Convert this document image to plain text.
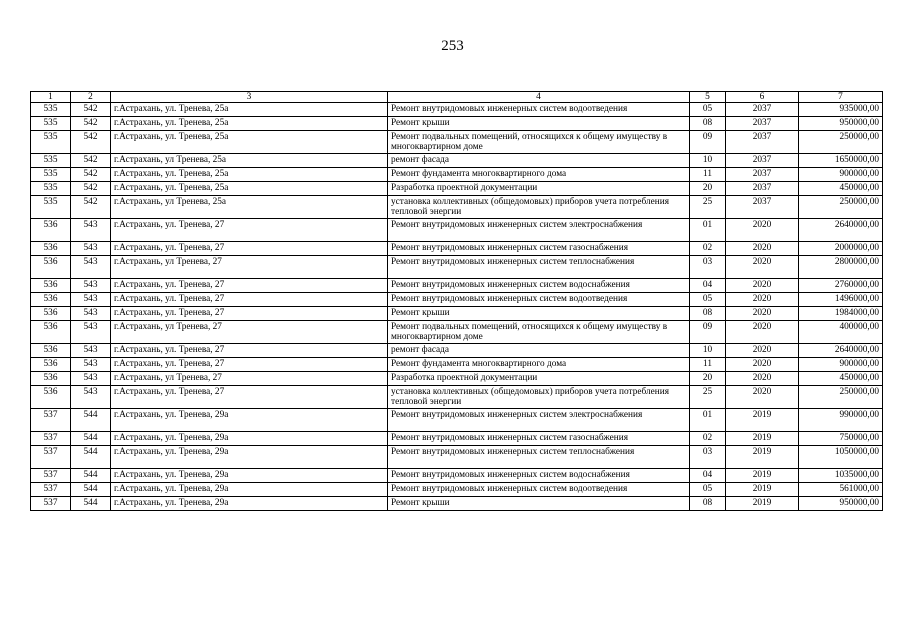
253
1	2	3	4	5	6	7
535	542	г.Астрахань, ул. Тренева, 25а	Ремонт внутридомовых инженерных систем водоотведения	05	2037	935000,00
535	542	г.Астрахань, ул. Тренева, 25а	Ремонт крыши	08	2037	950000,00
535	542	г.Астрахань, ул. Тренева, 25а	Ремонт подвальных помещений, относящихся к общему имуществу в многоквартирном доме	09	2037	250000,00
535	542	г.Астрахань, ул Тренева, 25а	ремонт фасада	10	2037	1650000,00
535	542	г.Астрахань, ул. Тренева, 25а	Ремонт фундамента многоквартирного дома	11	2037	900000,00
535	542	г.Астрахань, ул. Тренева, 25а	Разработка проектной документации	20	2037	450000,00
535	542	г.Астрахань, ул Тренева, 25а	установка коллективных (общедомовых) приборов учета потребления тепловой энергии	25	2037	250000,00
536	543	г.Астрахань, ул. Тренева, 27	Ремонт внутридомовых инженерных систем электроснабжения	01	2020	2640000,00
536	543	г.Астрахань, ул. Тренева, 27	Ремонт внутридомовых инженерных систем газоснабжения	02	2020	2000000,00
536	543	г.Астрахань, ул Тренева, 27	Ремонт внутридомовых инженерных систем теплоснабжения	03	2020	2800000,00
536	543	г.Астрахань, ул. Тренева, 27	Ремонт внутридомовых инженерных систем водоснабжения	04	2020	2760000,00
536	543	г.Астрахань, ул. Тренева, 27	Ремонт внутридомовых инженерных систем водоотведения	05	2020	1496000,00
536	543	г.Астрахань, ул. Тренева, 27	Ремонт крыши	08	2020	1984000,00
536	543	г.Астрахань, ул Тренева, 27	Ремонт подвальных помещений, относящихся к общему имуществу в многоквартирном доме	09	2020	400000,00
536	543	г.Астрахань, ул. Тренева, 27	ремонт фасада	10	2020	2640000,00
536	543	г.Астрахань, ул. Тренева, 27	Ремонт фундамента многоквартирного дома	11	2020	900000,00
536	543	г.Астрахань, ул Тренева, 27	Разработка проектной документации	20	2020	450000,00
536	543	г.Астрахань, ул. Тренева, 27	установка коллективных (общедомовых) приборов учета потребления тепловой энергии	25	2020	250000,00
537	544	г.Астрахань, ул. Тренева, 29а	Ремонт внутридомовых инженерных систем электроснабжения	01	2019	990000,00
537	544	г.Астрахань, ул. Тренева, 29а	Ремонт внутридомовых инженерных систем газоснабжения	02	2019	750000,00
537	544	г.Астрахань, ул. Тренева, 29а	Ремонт внутридомовых инженерных систем теплоснабжения	03	2019	1050000,00
537	544	г.Астрахань, ул. Тренева, 29а	Ремонт внутридомовых инженерных систем водоснабжения	04	2019	1035000,00
537	544	г.Астрахань, ул. Тренева, 29а	Ремонт внутридомовых инженерных систем водоотведения	05	2019	561000,00
537	544	г.Астрахань, ул. Тренева, 29а	Ремонт крыши	08	2019	950000,00
